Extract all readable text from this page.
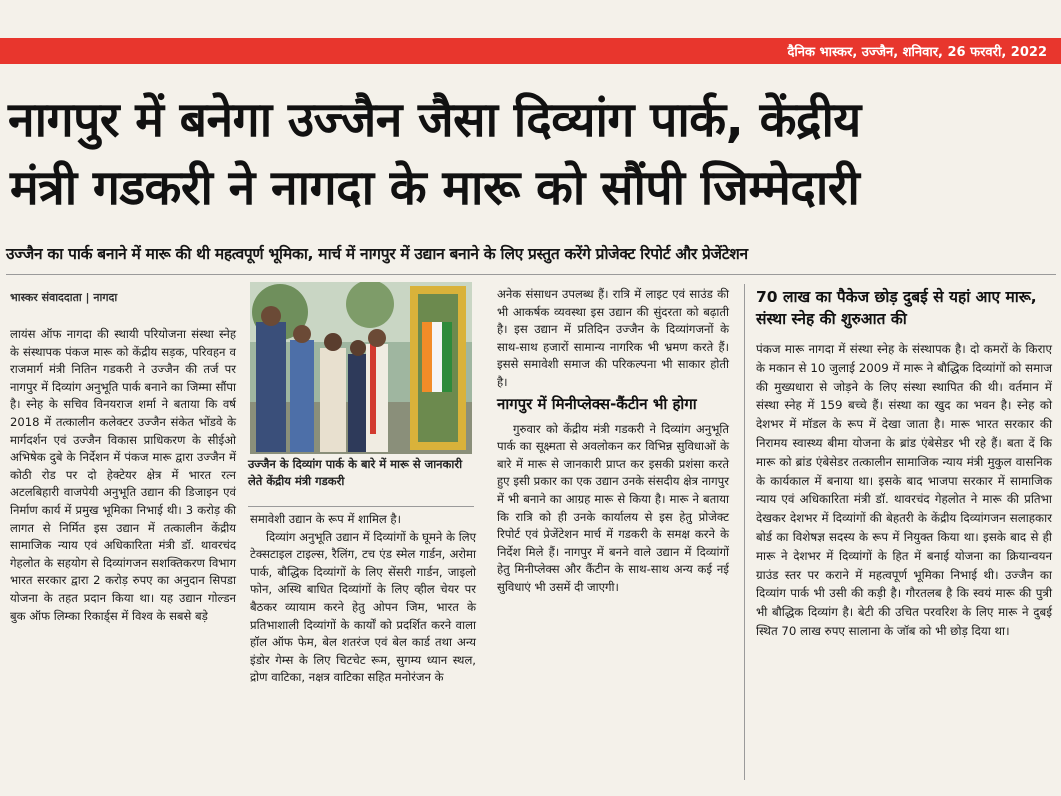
दैनिक भास्कर, उज्जैन, शनिवार, 26 फरवरी, 2022
नागपुर में बनेगा उज्जैन जैसा दिव्यांग पार्क, केंद्रीय
मंत्री गडकरी ने नागदा के मारू को सौंपी जिम्मेदारी
उज्जैन का पार्क बनाने में मारू की थी महत्वपूर्ण भूमिका, मार्च में नागपुर में उद्यान बनाने के लिए प्रस्तुत करेंगे प्रोजेक्ट रिपोर्ट और प्रेजेंटेशन
भास्कर संवाददाता | नागदा

लायंस ऑफ नागदा की स्थायी परियोजना संस्था स्नेह के संस्थापक पंकज मारू को केंद्रीय सड़क, परिवहन व राजमार्ग मंत्री नितिन गडकरी ने उज्जैन की तर्ज पर नागपुर में दिव्यांग अनुभूति पार्क बनाने का जिम्मा सौंपा है। स्नेह के सचिव विनयराज शर्मा ने बताया कि वर्ष 2018 में तत्कालीन कलेक्टर उज्जैन संकेत भोंडवे के मार्गदर्शन एवं उज्जैन विकास प्राधिकरण के सीईओ अभिषेक दुबे के निर्देशन में पंकज मारू द्वारा उज्जैन में कोठी रोड पर दो हेक्टेयर क्षेत्र में भारत रत्न अटलबिहारी वाजपेयी अनुभूति उद्यान की डिजाइन एवं निर्माण कार्य में प्रमुख भूमिका निभाई थी। 3 करोड़ की लागत से निर्मित इस उद्यान में तत्कालीन केंद्रीय सामाजिक न्याय एवं अधिकारिता मंत्री डॉ. थावरचंद गेहलोत के सहयोग से दिव्यांगजन सशक्तिकरण विभाग भारत सरकार द्वारा 2 करोड़ रुपए का अनुदान सिपडा योजना के तहत प्रदान किया था। यह उद्यान गोल्डन बुक ऑफ लिम्का रिकार्ड्स में विश्व के सबसे बड़े

उज्जैन के दिव्यांग पार्क के बारे में मारू से जानकारी लेते केंद्रीय मंत्री गडकरी

समावेशी उद्यान के रूप में शामिल है।

दिव्यांग अनुभूति उद्यान में दिव्यांगों के घूमने के लिए टेक्सटाइल टाइल्स, रैलिंग, टच एंड स्मेल गार्डन, अरोमा पार्क, बौद्धिक दिव्यांगों के लिए सेंसरी गार्डन, जाइलो फोन, अस्थि बाधित दिव्यांगों के लिए व्हील चेयर पर बैठकर व्यायाम करने हेतु ओपन जिम, भारत के प्रतिभाशाली दिव्यांगों के कार्यों को प्रदर्शित करने वाला हॉल ऑफ फेम, बेल शतरंज एवं बेल कार्ड तथा अन्य इंडोर गेम्स के लिए चिटचेट रूम, सुगम्य ध्यान स्थल, द्रोण वाटिका, नक्षत्र वाटिका सहित मनोरंजन के

अनेक संसाधन उपलब्ध हैं। रात्रि में लाइट एवं साउंड की भी आकर्षक व्यवस्था इस उद्यान की सुंदरता को बढ़ाती है। इस उद्यान में प्रतिदिन उज्जैन के दिव्यांगजनों के साथ-साथ हजारों सामान्य नागरिक भी भ्रमण करते हैं। इससे समावेशी समाज की परिकल्पना भी साकार होती है।

नागपुर में मिनीप्लेक्स-कैंटीन भी होगा

गुरुवार को केंद्रीय मंत्री गडकरी ने दिव्यांग अनुभूति पार्क का सूक्ष्मता से अवलोकन कर विभिन्न सुविधाओं के बारे में मारू से जानकारी प्राप्त कर इसकी प्रशंसा करते हुए इसी प्रकार का एक उद्यान उनके संसदीय क्षेत्र नागपुर में भी बनाने का आग्रह मारू से किया है। मारू ने बताया कि रात्रि को ही उनके कार्यालय से इस हेतु प्रोजेक्ट रिपोर्ट एवं प्रेजेंटेशन मार्च में गडकरी के समक्ष करने के निर्देश मिले हैं। नागपुर में बनने वाले उद्यान में दिव्यांगों हेतु मिनीप्लेक्स और कैंटीन के साथ-साथ अन्य कई नई सुविधाएं भी उसमें दी जाएगी।

70 लाख का पैकेज छोड़ दुबई से यहां आए मारू, संस्था स्नेह की शुरुआत की

पंकज मारू नागदा में संस्था स्नेह के संस्थापक है। दो कमरों के किराए के मकान से 10 जुलाई 2009 में मारू ने बौद्धिक दिव्यांगों को समाज की मुख्यधारा से जोड़ने के लिए संस्था स्थापित की थी। वर्तमान में संस्था स्नेह में 159 बच्चे हैं। संस्था का खुद का भवन है। स्नेह को देशभर में मॉडल के रूप में देखा जाता है। मारू भारत सरकार की निरामय स्वास्थ्य बीमा योजना के ब्रांड एंबेसेडर भी रहे हैं। बता दें कि मारू को ब्रांड एंबेसेडर तत्कालीन सामाजिक न्याय मंत्री मुकुल वासनिक के कार्यकाल में बनाया था। इसके बाद भाजपा सरकार में सामाजिक न्याय एवं अधिकारिता मंत्री डॉ. थावरचंद गेहलोत ने मारू की प्रतिभा देखकर देशभर में दिव्यांगों की बेहतरी के केंद्रीय दिव्यांगजन सलाहकार बोर्ड का विशेषज्ञ सदस्य के रूप में नियुक्त किया था। इसके बाद से ही मारू ने देशभर में दिव्यांगों के हित में बनाई योजना का क्रियान्वयन ग्राउंड स्तर पर कराने में महत्वपूर्ण भूमिका निभाई थी। उज्जैन का दिव्यांग पार्क भी उसी की कड़ी है। गौरतलब है कि स्वयं मारू की पुत्री भी बौद्धिक दिव्यांग है। बेटी की उचित परवरिश के लिए मारू ने दुबई स्थित 70 लाख रुपए सालाना के जॉब को भी छोड़ दिया था।
